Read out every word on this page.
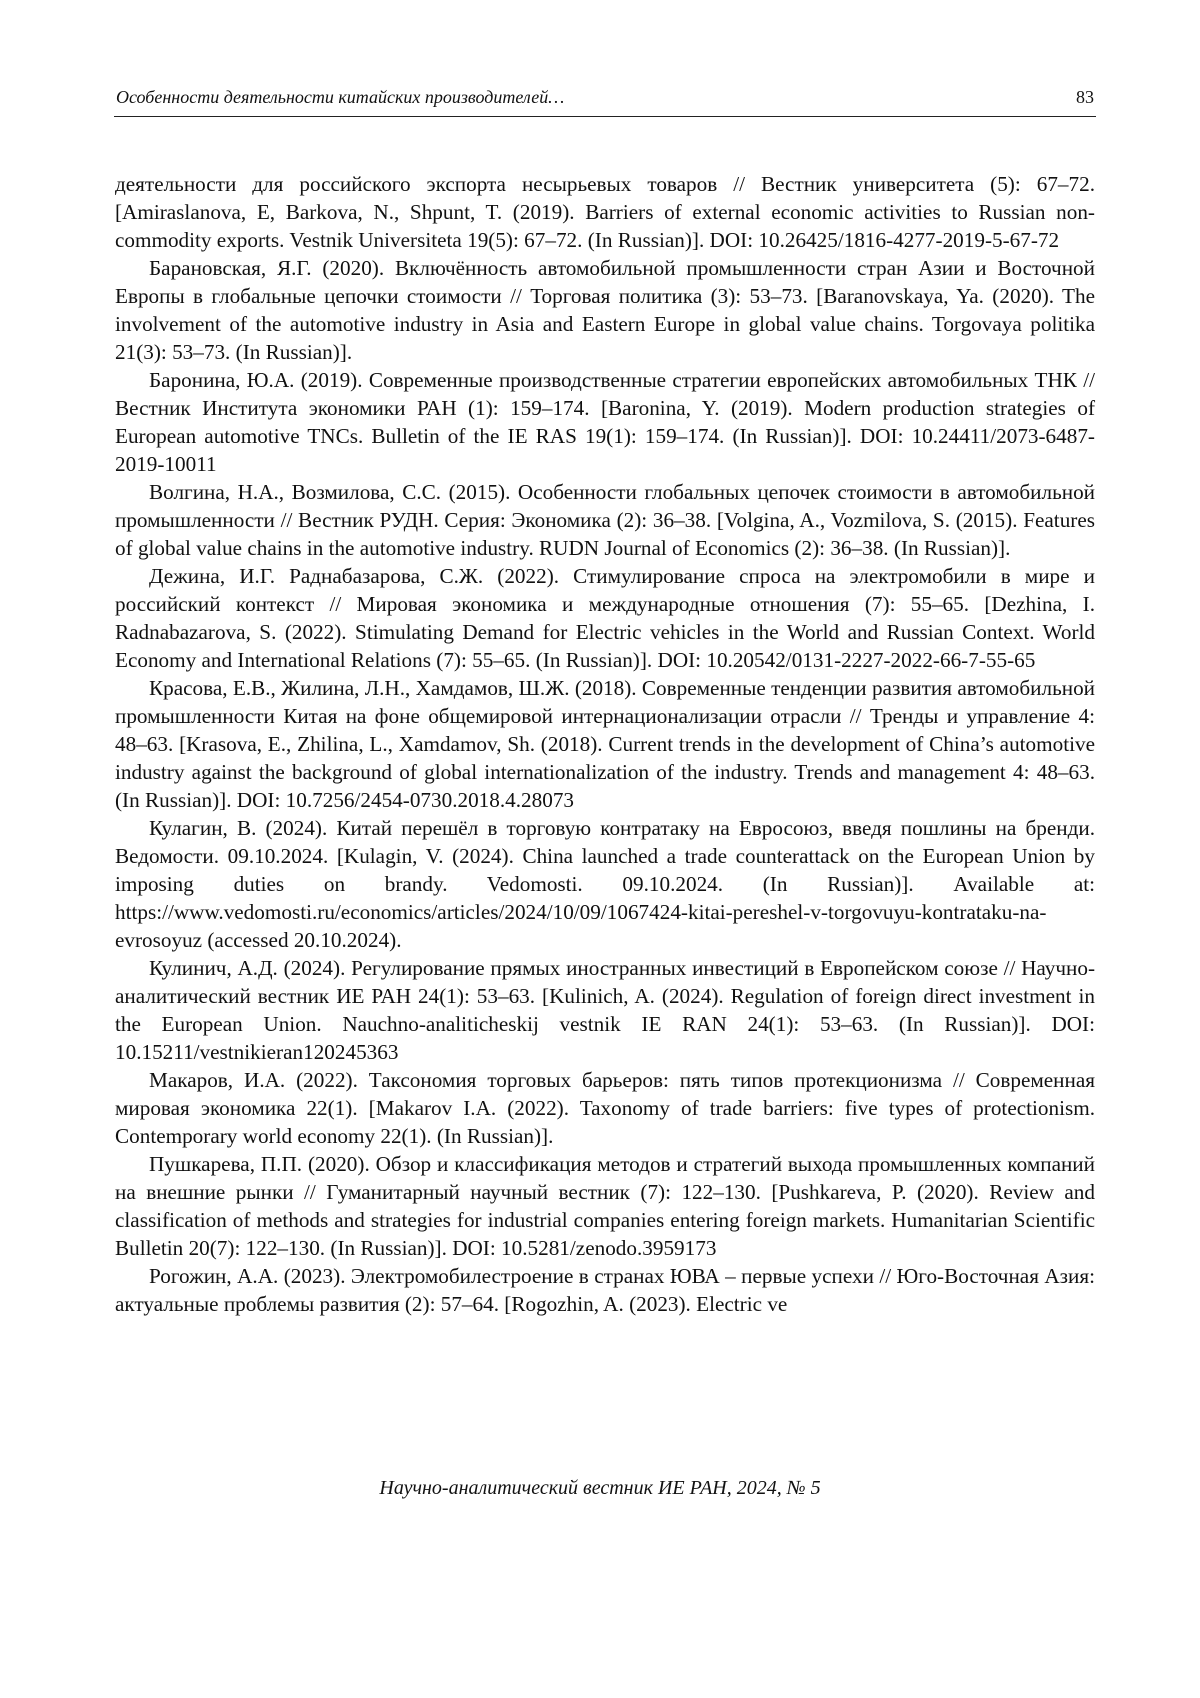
Особенности деятельности китайских производителей…	83

деятельности для российского экспорта несырьевых товаров // Вестник университета (5): 67–72. [Amiraslanova, E, Barkova, N., Shpunt, T. (2019). Barriers of external economic activities to Russian non-commodity exports. Vestnik Universiteta 19(5): 67–72. (In Russian)]. DOI: 10.26425/1816-4277-2019-5-67-72

Барановская, Я.Г. (2020). Включённость автомобильной промышленности стран Азии и Восточной Европы в глобальные цепочки стоимости // Торговая политика (3): 53–73. [Baranovskaya, Ya. (2020). The involvement of the automotive industry in Asia and Eastern Europe in global value chains. Torgovaya politika 21(3): 53–73. (In Russian)].

Баронина, Ю.А. (2019). Современные производственные стратегии европейских автомобильных ТНК // Вестник Института экономики РАН (1): 159–174. [Baronina, Y. (2019). Modern production strategies of European automotive TNCs. Bulletin of the IE RAS 19(1): 159–174. (In Russian)]. DOI: 10.24411/2073-6487-2019-10011

Волгина, Н.А., Возмилова, С.С. (2015). Особенности глобальных цепочек стоимости в автомобильной промышленности // Вестник РУДН. Серия: Экономика (2): 36–38. [Volgina, A., Vozmilova, S. (2015). Features of global value chains in the automotive industry. RUDN Journal of Economics (2): 36–38. (In Russian)].

Дежина, И.Г. Раднабазарова, С.Ж. (2022). Стимулирование спроса на электромобили в мире и российский контекст // Мировая экономика и международные отношения (7): 55–65. [Dezhina, I. Radnabazarova, S. (2022). Stimulating Demand for Electric vehicles in the World and Russian Context. World Economy and International Relations (7): 55–65. (In Russian)]. DOI: 10.20542/0131-2227-2022-66-7-55-65

Красова, Е.В., Жилина, Л.Н., Хамдамов, Ш.Ж. (2018). Современные тенденции развития автомобильной промышленности Китая на фоне общемировой интернационализации отрасли // Тренды и управление 4: 48–63. [Krasova, E., Zhilina, L., Xamdamov, Sh. (2018). Current trends in the development of China’s automotive industry against the background of global internationalization of the industry. Trends and management 4: 48–63. (In Russian)]. DOI: 10.7256/2454-0730.2018.4.28073

Кулагин, В. (2024). Китай перешёл в торговую контратаку на Евросоюз, введя пошлины на бренди. Ведомости. 09.10.2024. [Kulagin, V. (2024). China launched a trade counterattack on the European Union by imposing duties on brandy. Vedomosti. 09.10.2024. (In Russian)]. Available at: https://www.vedomosti.ru/economics/articles/2024/10/09/1067424-kitai-pereshel-v-torgovuyu-kontrataku-na-evrosoyuz (accessed 20.10.2024).

Кулинич, А.Д. (2024). Регулирование прямых иностранных инвестиций в Европейском союзе // Научно-аналитический вестник ИЕ РАН 24(1): 53–63. [Kulinich, A. (2024). Regulation of foreign direct investment in the European Union. Nauchno-analiticheskij vestnik IE RAN 24(1): 53–63. (In Russian)]. DOI: 10.15211/vestnikieran120245363

Макаров, И.А. (2022). Таксономия торговых барьеров: пять типов протекционизма // Современная мировая экономика 22(1). [Makarov I.A. (2022). Taxonomy of trade barriers: five types of protectionism. Contemporary world economy 22(1). (In Russian)].

Пушкарева, П.П. (2020). Обзор и классификация методов и стратегий выхода промышленных компаний на внешние рынки // Гуманитарный научный вестник (7): 122–130. [Pushkareva, P. (2020). Review and classification of methods and strategies for industrial companies entering foreign markets. Humanitarian Scientific Bulletin 20(7): 122–130. (In Russian)]. DOI: 10.5281/zenodo.3959173

Рогожин, А.А. (2023). Электромобилестроение в странах ЮВА – первые успехи // Юго-Восточная Азия: актуальные проблемы развития (2): 57–64. [Rogozhin, A. (2023). Electric ve

Научно-аналитический вестник ИЕ РАН, 2024, № 5
